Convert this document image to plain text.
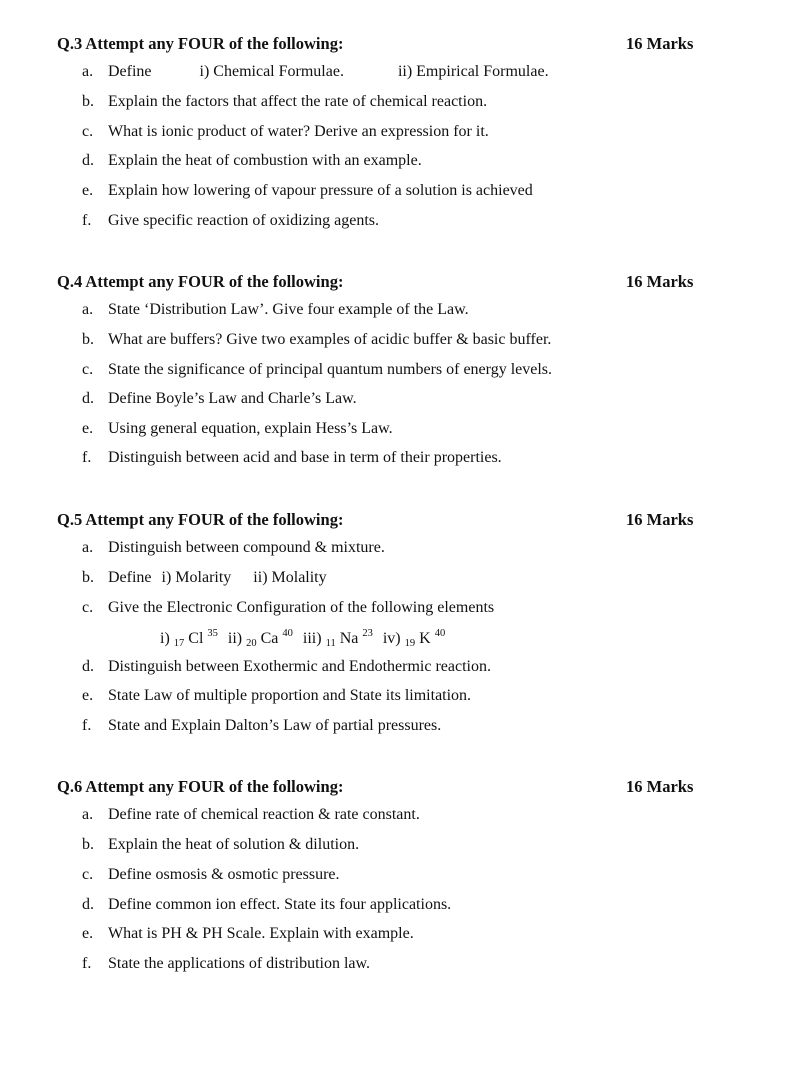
Q.3 Attempt any FOUR of the following:	16 Marks
a. Define	i) Chemical Formulae.	ii) Empirical Formulae.
b. Explain the factors that affect the rate of chemical reaction.
c. What is ionic product of water? Derive an expression for it.
d. Explain the heat of combustion with an example.
e. Explain how lowering of vapour pressure of a solution is achieved
f.	Give specific reaction of oxidizing agents.
Q.4 Attempt any FOUR of the following:	16 Marks
a. State ‘Distribution Law’. Give four example of the Law.
b. What are buffers? Give two examples of acidic buffer & basic buffer.
c. State the significance of principal quantum numbers of energy levels.
d. Define Boyle’s Law and Charle’s Law.
e. Using general equation, explain Hess’s Law.
f.	Distinguish between acid and base in term of their properties.
Q.5 Attempt any FOUR of the following:	16 Marks
a. Distinguish between compound & mixture.
b. Define i) Molarity ii) Molality
c. Give the Electronic Configuration of the following elements
i) $_{17}$ Cl $^{35}$ ii) $_{20}$ Ca $^{40}$ iii) $_{11}$ Na $^{23}$ iv) $_{19}$ K $^{40}$
d. Distinguish between Exothermic and Endothermic reaction.
e. State Law of multiple proportion and State its limitation.
f.	State and Explain Dalton’s Law of partial pressures.
Q.6 Attempt any FOUR of the following:	16 Marks
a. Define rate of chemical reaction & rate constant.
b. Explain the heat of solution & dilution.
c. Define osmosis & osmotic pressure.
d. Define common ion effect. State its four applications.
e. What is PH & PH Scale. Explain with example.
f.	State the applications of distribution law.
